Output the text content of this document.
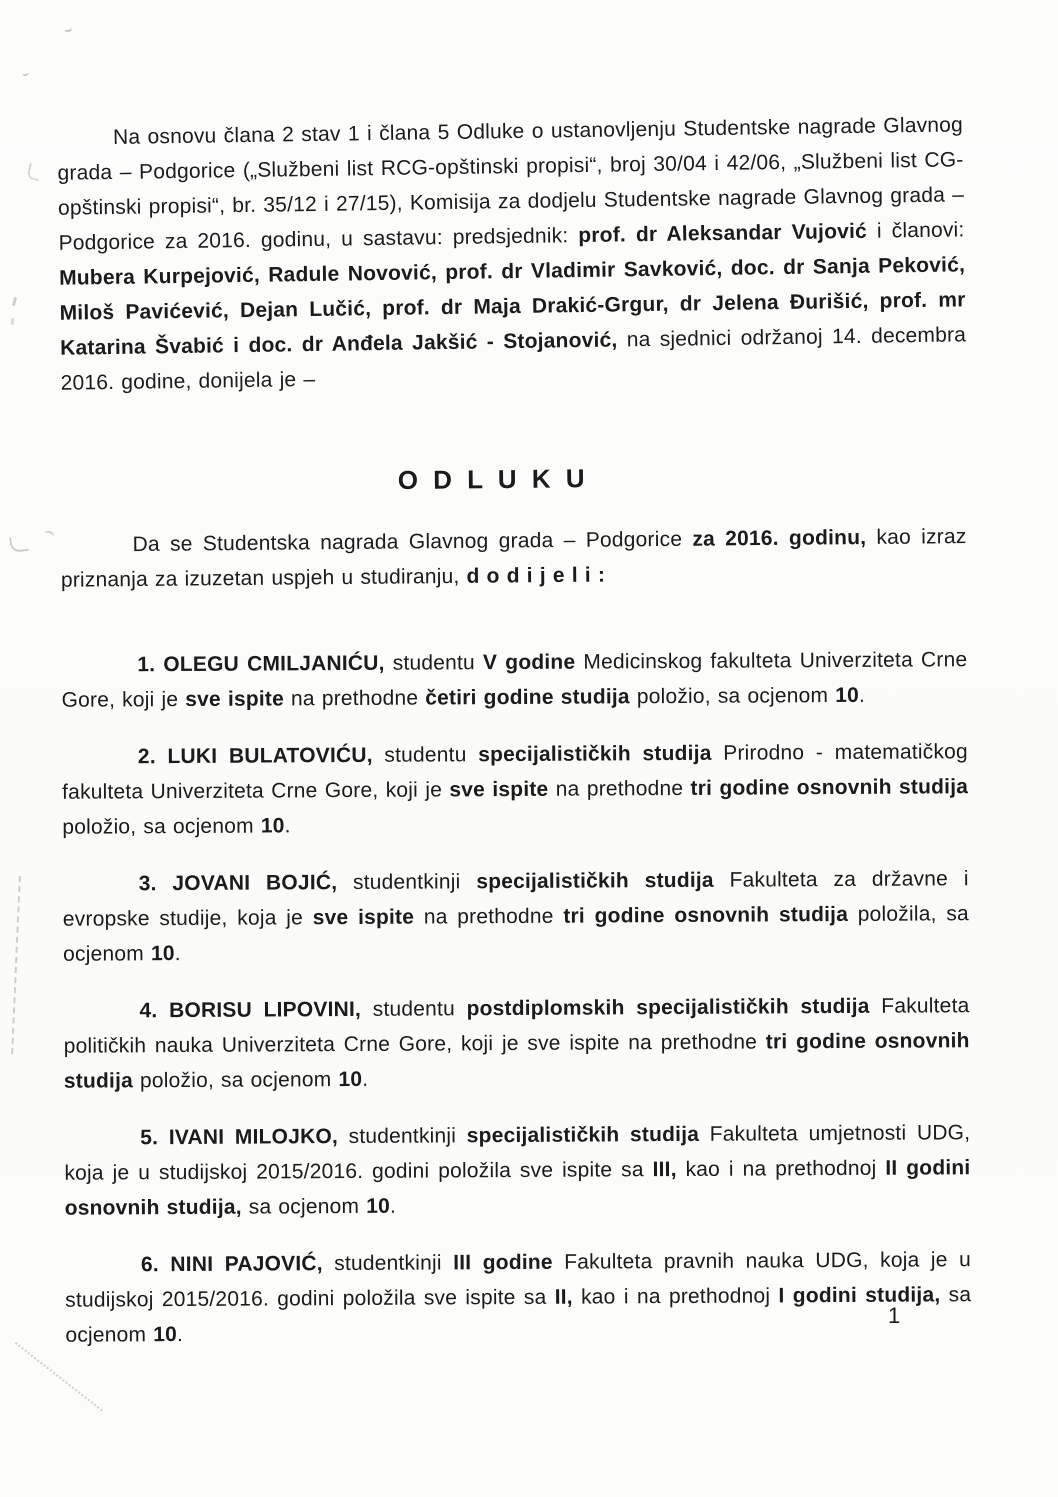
Na osnovu člana 2 stav 1 i člana 5 Odluke o ustanovljenju Studentske nagrade Glavnog grada – Podgorice („Službeni list RCG-opštinski propisi“, broj 30/04 i 42/06, „Službeni list CG-opštinski propisi“, br. 35/12 i 27/15), Komisija za dodjelu Studentske nagrade Glavnog grada – Podgorice za 2016. godinu, u sastavu: predsjednik: prof. dr Aleksandar Vujović i članovi: Mubera Kurpejović, Radule Novović, prof. dr Vladimir Savković, doc. dr Sanja Peković, Miloš Pavićević, Dejan Lučić, prof. dr Maja Drakić-Grgur, dr Jelena Đurišić, prof. mr Katarina Švabić i doc. dr Anđela Jakšić - Stojanović, na sjednici održanoj 14. decembra 2016. godine, donijela je –

O D L U K U

Da se Studentska nagrada Glavnog grada – Podgorice za 2016. godinu, kao izraz priznanja za izuzetan uspjeh u studiranju, d o d i j e l i :

1. OLEGU CMILJANIĆU, studentu V godine Medicinskog fakulteta Univerziteta Crne Gore, koji je sve ispite na prethodne četiri godine studija položio, sa ocjenom 10.

2. LUKI BULATOVIĆU, studentu specijalističkih studija Prirodno - matematičkog fakulteta Univerziteta Crne Gore, koji je sve ispite na prethodne tri godine osnovnih studija položio, sa ocjenom 10.

3. JOVANI BOJIĆ, studentkinji specijalističkih studija Fakulteta za državne i evropske studije, koja je sve ispite na prethodne tri godine osnovnih studija položila, sa ocjenom 10.

4. BORISU LIPOVINI, studentu postdiplomskih specijalističkih studija Fakulteta političkih nauka Univerziteta Crne Gore, koji je sve ispite na prethodne tri godine osnovnih studija položio, sa ocjenom 10.

5. IVANI MILOJKO, studentkinji specijalističkih studija Fakulteta umjetnosti UDG, koja je u studijskoj 2015/2016. godini položila sve ispite sa III, kao i na prethodnoj II godini osnovnih studija, sa ocjenom 10.

6. NINI PAJOVIĆ, studentkinji III godine Fakulteta pravnih nauka UDG, koja je u studijskoj 2015/2016. godini položila sve ispite sa II, kao i na prethodnoj I godini studija, sa ocjenom 10.

1
